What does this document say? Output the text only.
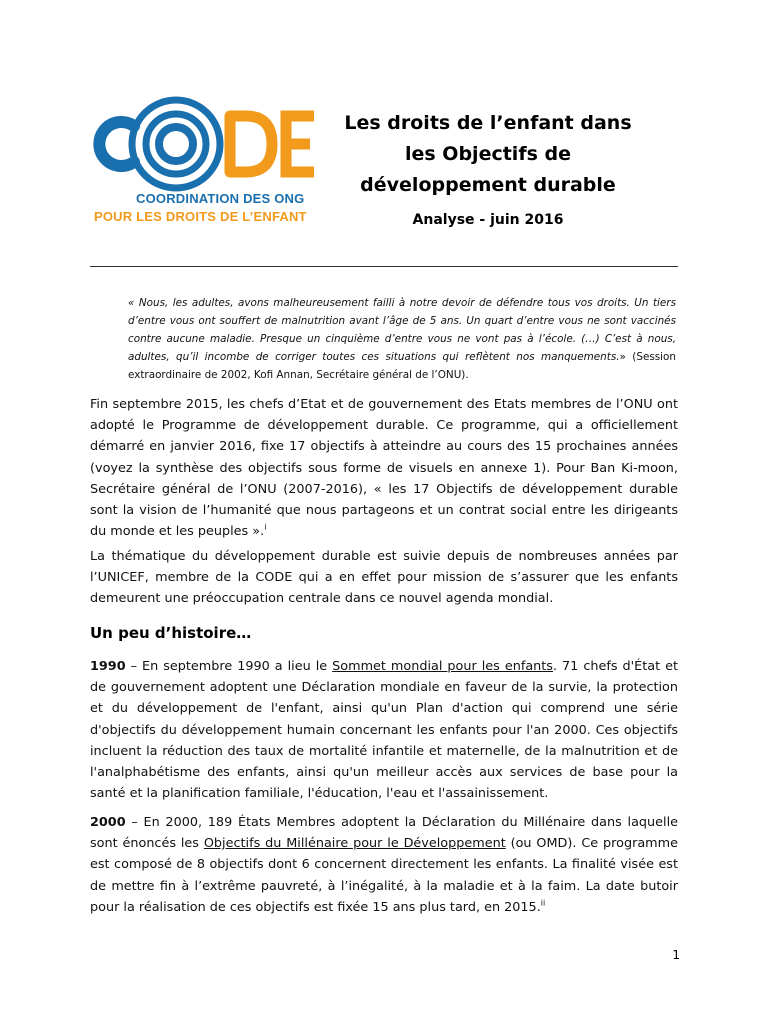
COORDINATION DES ONG
POUR LES DROITS DE L’ENFANT
Les droits de l’enfant dans les Objectifs de développement durable
Analyse - juin 2016
« Nous, les adultes, avons malheureusement failli à notre devoir de défendre tous vos droits. Un tiers d’entre vous ont souffert de malnutrition avant l’âge de 5 ans. Un quart d’entre vous ne sont vaccinés contre aucune maladie. Presque un cinquième d’entre vous ne vont pas à l’école. (…) C’est à nous, adultes, qu’il incombe de corriger toutes ces situations qui reflètent nos manquements.» (Session extraordinaire de 2002, Kofi Annan, Secrétaire général de l’ONU).
Fin septembre 2015, les chefs d’Etat et de gouvernement des Etats membres de l’ONU ont adopté le Programme de développement durable. Ce programme, qui a officiellement démarré en janvier 2016, fixe 17 objectifs à atteindre au cours des 15 prochaines années (voyez la synthèse des objectifs sous forme de visuels en annexe 1). Pour Ban Ki-moon, Secrétaire général de l’ONU (2007-2016), « les 17 Objectifs de développement durable sont la vision de l’humanité que nous partageons et un contrat social entre les dirigeants du monde et les peuples ».$^i$
La thématique du développement durable est suivie depuis de nombreuses années par l’UNICEF, membre de la CODE qui a en effet pour mission de s’assurer que les enfants demeurent une préoccupation centrale dans ce nouvel agenda mondial.
Un peu d’histoire…
1990 – En septembre 1990 a lieu le Sommet mondial pour les enfants. 71 chefs d'État et de gouvernement adoptent une Déclaration mondiale en faveur de la survie, la protection et du développement de l'enfant, ainsi qu'un Plan d'action qui comprend une série d'objectifs du développement humain concernant les enfants pour l'an 2000. Ces objectifs incluent la réduction des taux de mortalité infantile et maternelle, de la malnutrition et de l'analphabétisme des enfants, ainsi qu'un meilleur accès aux services de base pour la santé et la planification familiale, l'éducation, l'eau et l'assainissement.
2000 – En 2000, 189 États Membres adoptent la Déclaration du Millénaire dans laquelle sont énoncés les Objectifs du Millénaire pour le Développement (ou OMD). Ce programme est composé de 8 objectifs dont 6 concernent directement les enfants. La finalité visée est de mettre fin à l’extrême pauvreté, à l’inégalité, à la maladie et à la faim. La date butoir pour la réalisation de ces objectifs est fixée 15 ans plus tard, en 2015.$^{ii}$
1
